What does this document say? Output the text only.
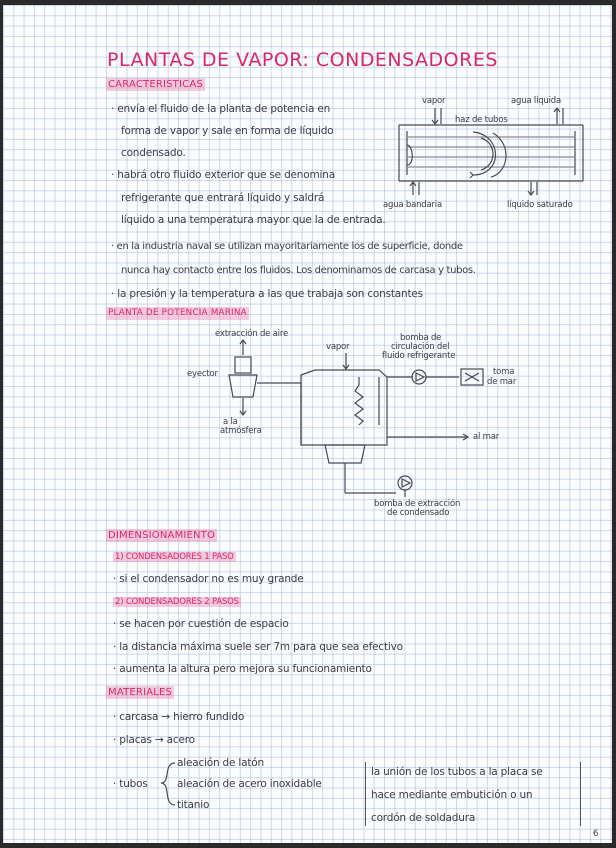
PLANTAS DE VAPOR: CONDENSADORES
CARACTERISTICAS
· envía el fluido de la planta de potencia en
forma de vapor y sale en forma de líquido
condensado.
· habrá otro fluido exterior que se denomina
refrigerante que entrará líquido y saldrá
líquido a una temperatura mayor que la de entrada.
· en la industria naval se utilizan mayoritariamente los de superficie, donde
nunca hay contacto entre los fluidos. Los denominamos de carcasa y tubos.
· la presión y la temperatura a las que trabaja son constantes
vapor	agua líquida
haz de tubos
agua bandaria	líquido saturado
PLANTA DE POTENCIA MARINA
extracción de aire
vapor
bomba de
circulación del
fluido refrigerante
toma
de mar
eyector
a la
atmósfera
al mar
bomba de extracción
de condensado
DIMENSIONAMIENTO
1) CONDENSADORES 1 PASO
· si el condensador no es muy grande
2) CONDENSADORES 2 PASOS
· se hacen por cuestión de espacio
· la distancia máxima suele ser 7m para que sea efectivo
· aumenta la altura pero mejora su funcionamiento
MATERIALES
· carcasa → hierro fundido
· placas → acero
· tubos
aleación de latón
aleación de acero inoxidable
titanio
la unión de los tubos a la placa se
hace mediante embutición o un
cordón de soldadura
6
